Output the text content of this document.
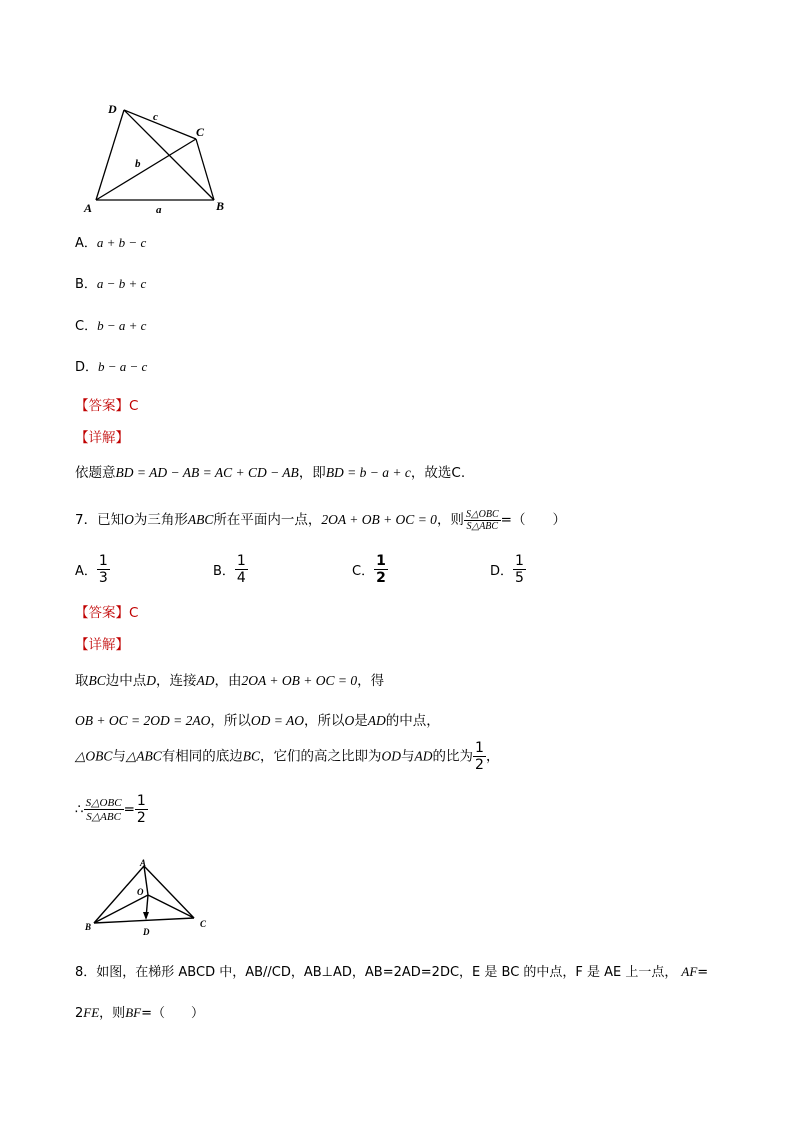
D
C
A	B
a
b
c
A．a + b − c
B．a − b + c
C．b − a + c
D．b − a − c
【答案】C
【详解】
依题意BD = AD − AB = AC + CD − AB，即BD = b − a + c，故选C.
7．已知O为三角形ABC所在平面内一点，2OA + OB + OC = 0，则 $\frac{\text{S△OBC}}{\text{S△ABC}}$ =（　　）
A． $\frac{1}{3}$	B． $\frac{1}{4}$	C． $\frac{1}{2}$	D． $\frac{1}{5}$
【答案】C
【详解】
取BC边中点D，连接AD，由2OA + OB + OC = 0，得
OB + OC = 2OD = 2AO，所以OD = AO，所以O是AD的中点，
△OBC与△ABC有相同的底边BC，它们的高之比即为OD与AD的比为 $\frac{1}{2}$ ，
∴ $\frac{\text{S△OBC}}{\text{S△ABC}} = \frac{1}{2}$
A
O
B	D
C
8．如图，在梯形 ABCD 中，AB//CD，AB⊥AD，AB=2AD=2DC，E 是 BC 的中点，F 是 AE 上一点， AF=
2FE，则BF=（　　）
